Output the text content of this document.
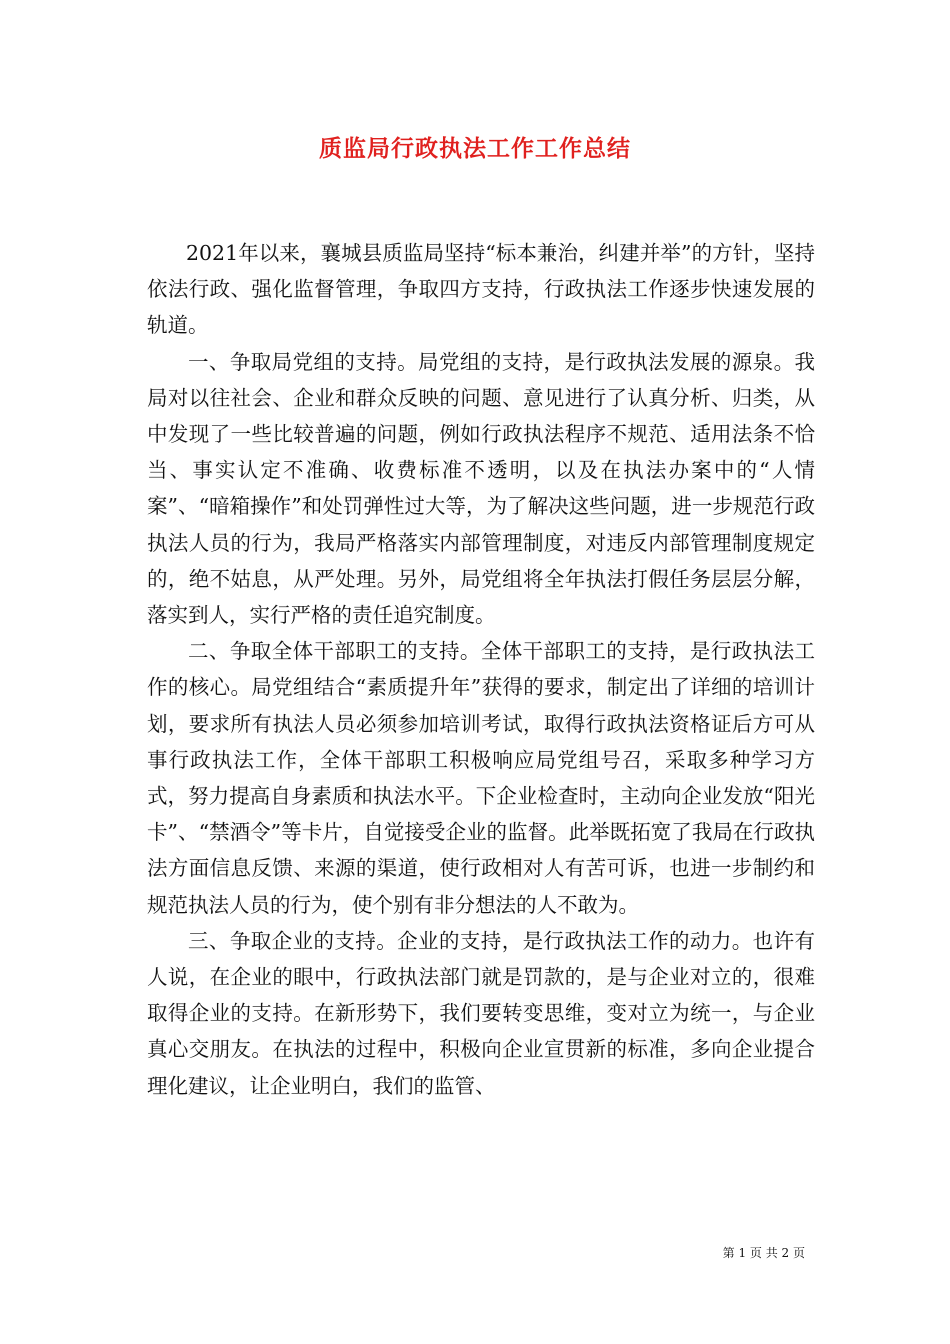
质监局行政执法工作工作总结

2021年以来，襄城县质监局坚持“标本兼治，纠建并举”的方针，坚持依法行政、强化监督管理，争取四方支持，行政执法工作逐步快速发展的轨道。

一、争取局党组的支持。局党组的支持，是行政执法发展的源泉。我局对以往社会、企业和群众反映的问题、意见进行了认真分析、归类，从中发现了一些比较普遍的问题，例如行政执法程序不规范、适用法条不恰当、事实认定不准确、收费标准不透明，以及在执法办案中的“人情案”、“暗箱操作”和处罚弹性过大等，为了解决这些问题，进一步规范行政执法人员的行为，我局严格落实内部管理制度，对违反内部管理制度规定的，绝不姑息，从严处理。另外，局党组将全年执法打假任务层层分解，落实到人，实行严格的责任追究制度。

二、争取全体干部职工的支持。全体干部职工的支持，是行政执法工作的核心。局党组结合“素质提升年”获得的要求，制定出了详细的培训计划，要求所有执法人员必须参加培训考试，取得行政执法资格证后方可从事行政执法工作，全体干部职工积极响应局党组号召，采取多种学习方式，努力提高自身素质和执法水平。下企业检查时，主动向企业发放“阳光卡”、“禁酒令”等卡片，自觉接受企业的监督。此举既拓宽了我局在行政执法方面信息反馈、来源的渠道，使行政相对人有苦可诉，也进一步制约和规范执法人员的行为，使个别有非分想法的人不敢为。

三、争取企业的支持。企业的支持，是行政执法工作的动力。也许有人说，在企业的眼中，行政执法部门就是罚款的，是与企业对立的，很难取得企业的支持。在新形势下，我们要转变思维，变对立为统一，与企业真心交朋友。在执法的过程中，积极向企业宣贯新的标准，多向企业提合理化建议，让企业明白，我们的监管、

第 1 页 共 2 页
